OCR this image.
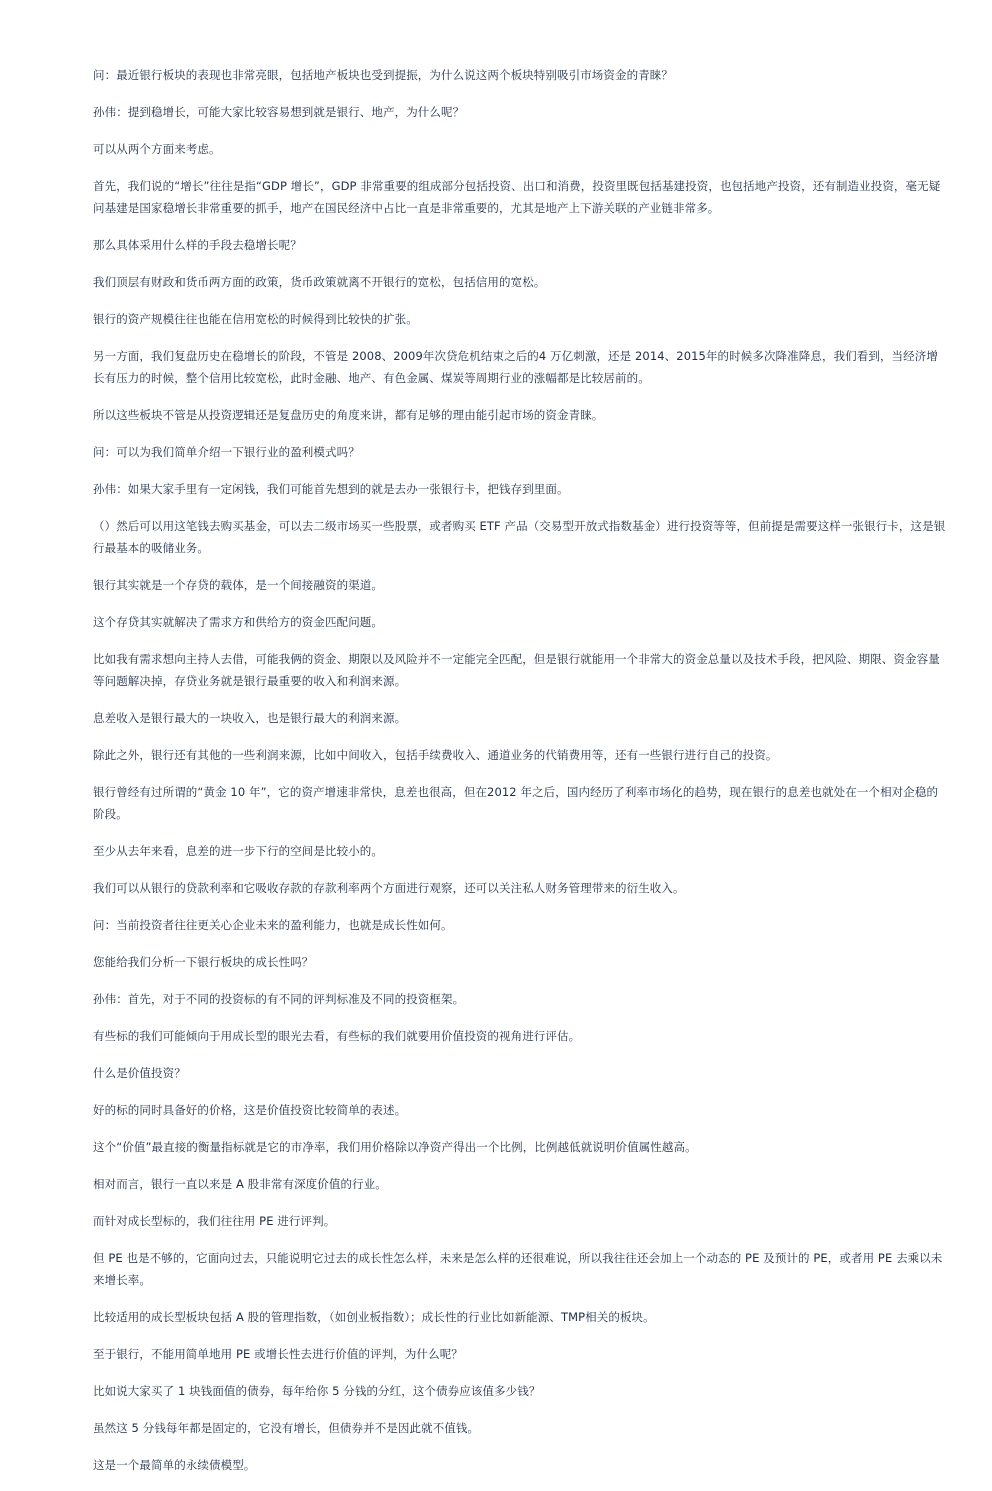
问：最近银行板块的表现也非常亮眼，包括地产板块也受到提振，为什么说这两个板块特别吸引市场资金的青睐？

孙伟：提到稳增长，可能大家比较容易想到就是银行、地产，为什么呢？

可以从两个方面来考虑。

首先，我们说的“增长”往往是指“GDP 增长”，GDP 非常重要的组成部分包括投资、出口和消费，投资里既包括基建投资，也包括地产投资，还有制造业投资，毫无疑问基建是国家稳增长非常重要的抓手，地产在国民经济中占比一直是非常重要的，尤其是地产上下游关联的产业链非常多。

那么具体采用什么样的手段去稳增长呢？

我们顶层有财政和货币两方面的政策，货币政策就离不开银行的宽松，包括信用的宽松。

银行的资产规模往往也能在信用宽松的时候得到比较快的扩张。

另一方面，我们复盘历史在稳增长的阶段，不管是 2008、2009年次贷危机结束之后的4 万亿刺激，还是 2014、2015年的时候多次降准降息，我们看到，当经济增长有压力的时候，整个信用比较宽松，此时金融、地产、有色金属、煤炭等周期行业的涨幅都是比较居前的。

所以这些板块不管是从投资逻辑还是复盘历史的角度来讲，都有足够的理由能引起市场的资金青睐。

问：可以为我们简单介绍一下银行业的盈利模式吗？

孙伟：如果大家手里有一定闲钱，我们可能首先想到的就是去办一张银行卡，把钱存到里面。

（）然后可以用这笔钱去购买基金，可以去二级市场买一些股票，或者购买 ETF 产品（交易型开放式指数基金）进行投资等等，但前提是需要这样一张银行卡，这是银行最基本的吸储业务。

银行其实就是一个存贷的载体，是一个间接融资的渠道。

这个存贷其实就解决了需求方和供给方的资金匹配问题。

比如我有需求想向主持人去借，可能我俩的资金、期限以及风险并不一定能完全匹配，但是银行就能用一个非常大的资金总量以及技术手段，把风险、期限、资金容量等问题解决掉，存贷业务就是银行最重要的收入和利润来源。

息差收入是银行最大的一块收入，也是银行最大的利润来源。

除此之外，银行还有其他的一些利润来源，比如中间收入，包括手续费收入、通道业务的代销费用等，还有一些银行进行自己的投资。

银行曾经有过所谓的“黄金 10 年”，它的资产增速非常快，息差也很高，但在2012 年之后，国内经历了利率市场化的趋势，现在银行的息差也就处在一个相对企稳的阶段。

至少从去年来看，息差的进一步下行的空间是比较小的。

我们可以从银行的贷款利率和它吸收存款的存款利率两个方面进行观察，还可以关注私人财务管理带来的衍生收入。

问：当前投资者往往更关心企业未来的盈利能力，也就是成长性如何。

您能给我们分析一下银行板块的成长性吗？

孙伟：首先，对于不同的投资标的有不同的评判标准及不同的投资框架。

有些标的我们可能倾向于用成长型的眼光去看，有些标的我们就要用价值投资的视角进行评估。

什么是价值投资？

好的标的同时具备好的价格，这是价值投资比较简单的表述。

这个“价值”最直接的衡量指标就是它的市净率，我们用价格除以净资产得出一个比例，比例越低就说明价值属性越高。

相对而言，银行一直以来是 A 股非常有深度价值的行业。

而针对成长型标的，我们往往用 PE 进行评判。

但 PE 也是不够的，它面向过去，只能说明它过去的成长性怎么样，未来是怎么样的还很难说，所以我往往还会加上一个动态的 PE 及预计的 PE，或者用 PE 去乘以未来增长率。

比较适用的成长型板块包括 A 股的管理指数，（如创业板指数）；成长性的行业比如新能源、TMP相关的板块。

至于银行，不能用简单地用 PE 或增长性去进行价值的评判，为什么呢？

比如说大家买了 1 块钱面值的债券，每年给你 5 分钱的分红，这个债券应该值多少钱？

虽然这 5 分钱每年都是固定的，它没有增长，但债券并不是因此就不值钱。

这是一个最简单的永续债模型。
